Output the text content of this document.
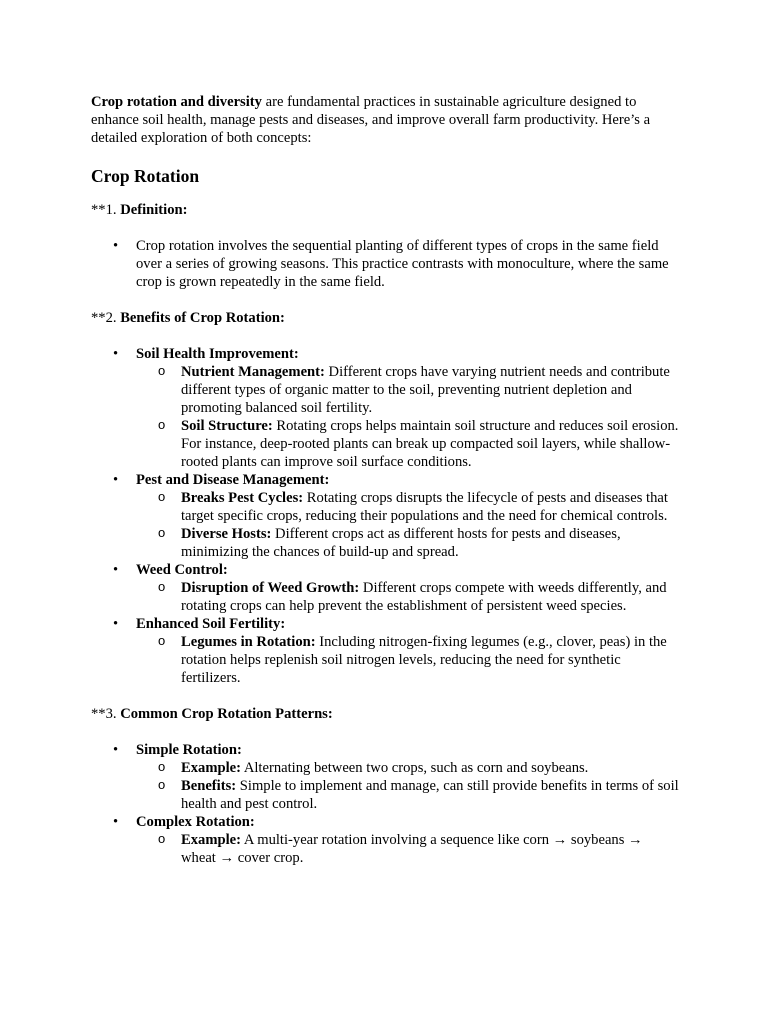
Crop rotation and diversity are fundamental practices in sustainable agriculture designed to enhance soil health, manage pests and diseases, and improve overall farm productivity. Here’s a detailed exploration of both concepts:

Crop Rotation

**1. Definition:

• Crop rotation involves the sequential planting of different types of crops in the same field over a series of growing seasons. This practice contrasts with monoculture, where the same crop is grown repeatedly in the same field.

**2. Benefits of Crop Rotation:

• Soil Health Improvement:
o Nutrient Management: Different crops have varying nutrient needs and contribute different types of organic matter to the soil, preventing nutrient depletion and promoting balanced soil fertility.
o Soil Structure: Rotating crops helps maintain soil structure and reduces soil erosion. For instance, deep-rooted plants can break up compacted soil layers, while shallow-rooted plants can improve soil surface conditions.
• Pest and Disease Management:
o Breaks Pest Cycles: Rotating crops disrupts the lifecycle of pests and diseases that target specific crops, reducing their populations and the need for chemical controls.
o Diverse Hosts: Different crops act as different hosts for pests and diseases, minimizing the chances of build-up and spread.
• Weed Control:
o Disruption of Weed Growth: Different crops compete with weeds differently, and rotating crops can help prevent the establishment of persistent weed species.
• Enhanced Soil Fertility:
o Legumes in Rotation: Including nitrogen-fixing legumes (e.g., clover, peas) in the rotation helps replenish soil nitrogen levels, reducing the need for synthetic fertilizers.

**3. Common Crop Rotation Patterns:

• Simple Rotation:
o Example: Alternating between two crops, such as corn and soybeans.
o Benefits: Simple to implement and manage, can still provide benefits in terms of soil health and pest control.
• Complex Rotation:
o Example: A multi-year rotation involving a sequence like corn → soybeans → wheat → cover crop.
